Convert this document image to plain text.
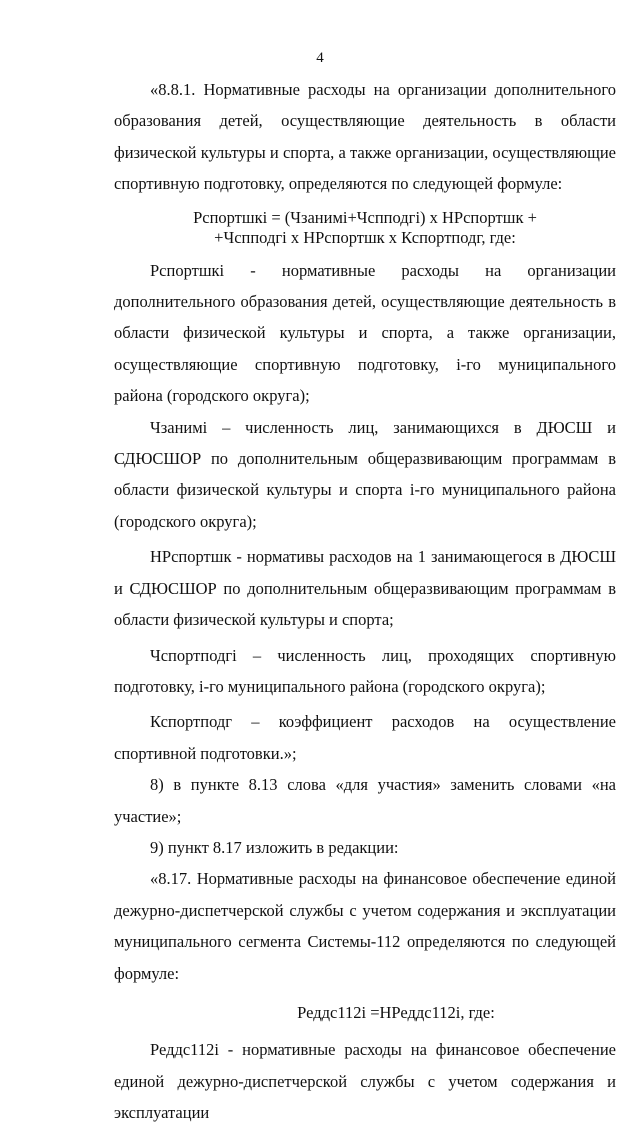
4

«8.8.1. Нормативные расходы на организации дополнительного образования детей, осуществляющие деятельность в области физической культуры и спорта, а также организации, осуществляющие спортивную подготовку, определяются по следующей формуле:

Рспортшкі = (Чзанимі+Чспподгі) х НРспортшк +
+Чспподгі х НРспортшк х Кспортподг, где:

Рспортшкі - нормативные расходы на организации дополнительного образования детей, осуществляющие деятельность в области физической культуры и спорта, а также организации, осуществляющие спортивную подготовку, і-го муниципального района (городского округа);

Чзанимі – численность лиц, занимающихся в ДЮСШ и СДЮСШОР по дополнительным общеразвивающим программам в области физической культуры и спорта і-го муниципального района (городского округа);

НРспортшк - нормативы расходов на 1 занимающегося в ДЮСШ и СДЮСШОР по дополнительным общеразвивающим программам в области физической культуры и спорта;

Чспортподгі – численность лиц, проходящих спортивную подготовку, і-го муниципального района (городского округа);

Кспортподг – коэффициент расходов на осуществление спортивной подготовки.»;

8) в пункте 8.13 слова «для участия» заменить словами «на участие»;

9) пункт 8.17 изложить в редакции:

«8.17. Нормативные расходы на финансовое обеспечение единой дежурно-диспетчерской службы с учетом содержания и эксплуатации муниципального сегмента Системы-112 определяются по следующей формуле:

Реддс112і =НРеддс112і, где:

Реддс112і - нормативные расходы на финансовое обеспечение единой дежурно-диспетчерской службы с учетом содержания и эксплуатации
